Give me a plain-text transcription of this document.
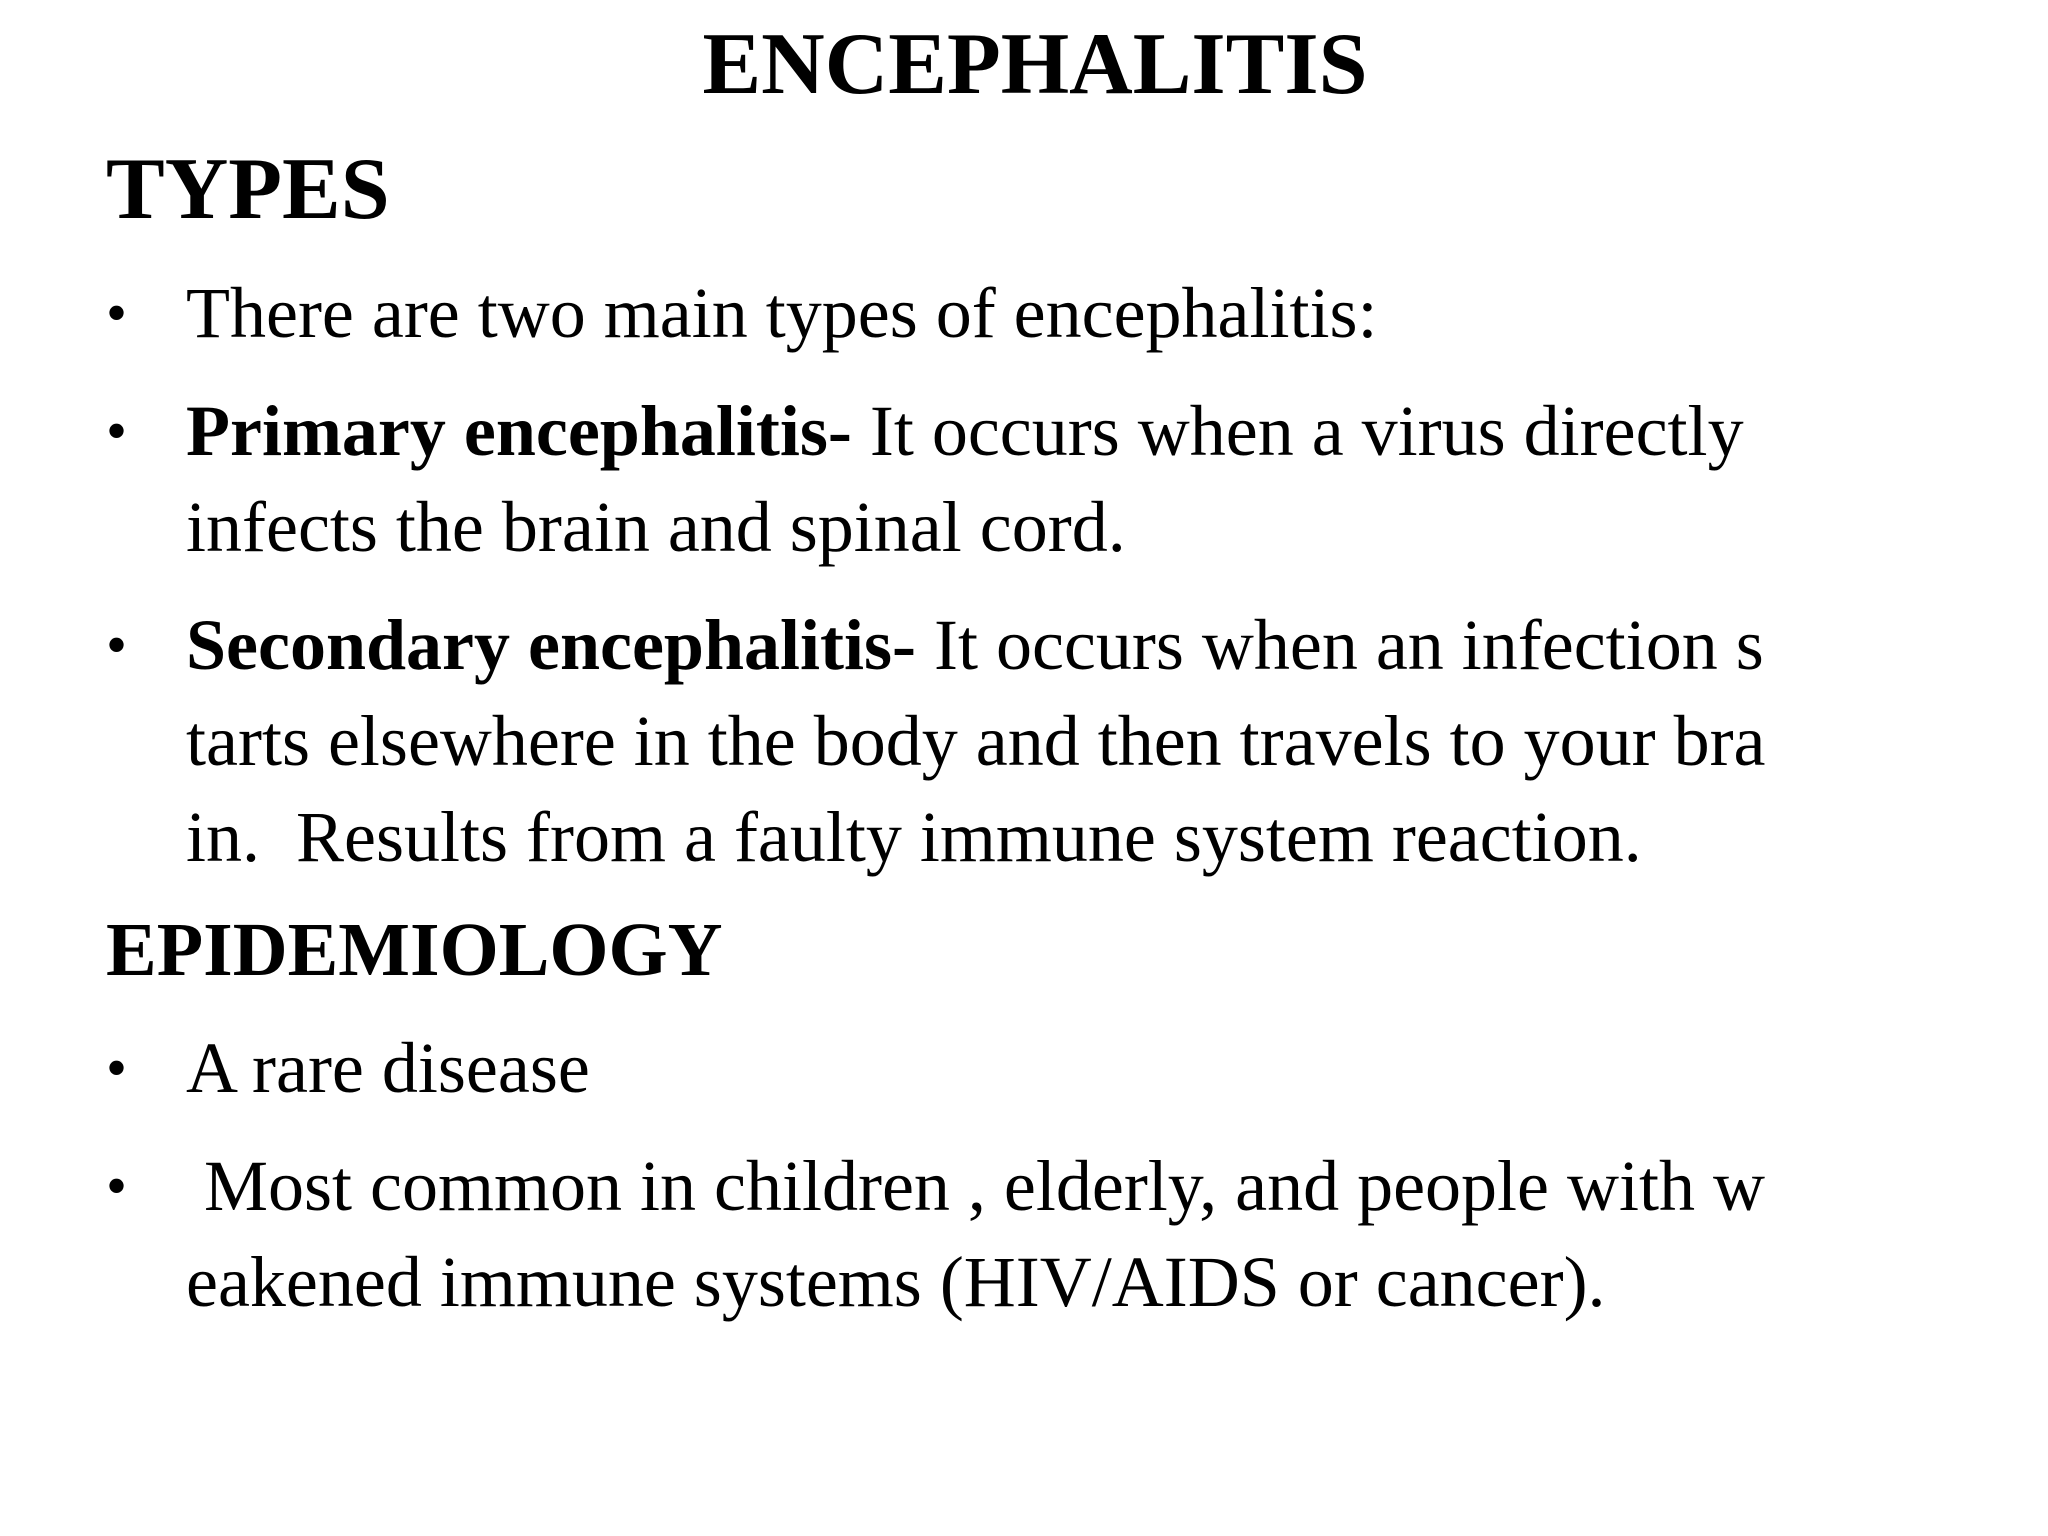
ENCEPHALITIS
TYPES
• There are two main types of encephalitis:
• Primary encephalitis- It occurs when a virus directly
infects the brain and spinal cord.
• Secondary encephalitis- It occurs when an infection s
tarts elsewhere in the body and then travels to your bra
in.  Results from a faulty immune system reaction.
EPIDEMIOLOGY
• A rare disease
• Most common in children , elderly, and people with w
eakened immune systems (HIV/AIDS or cancer).
